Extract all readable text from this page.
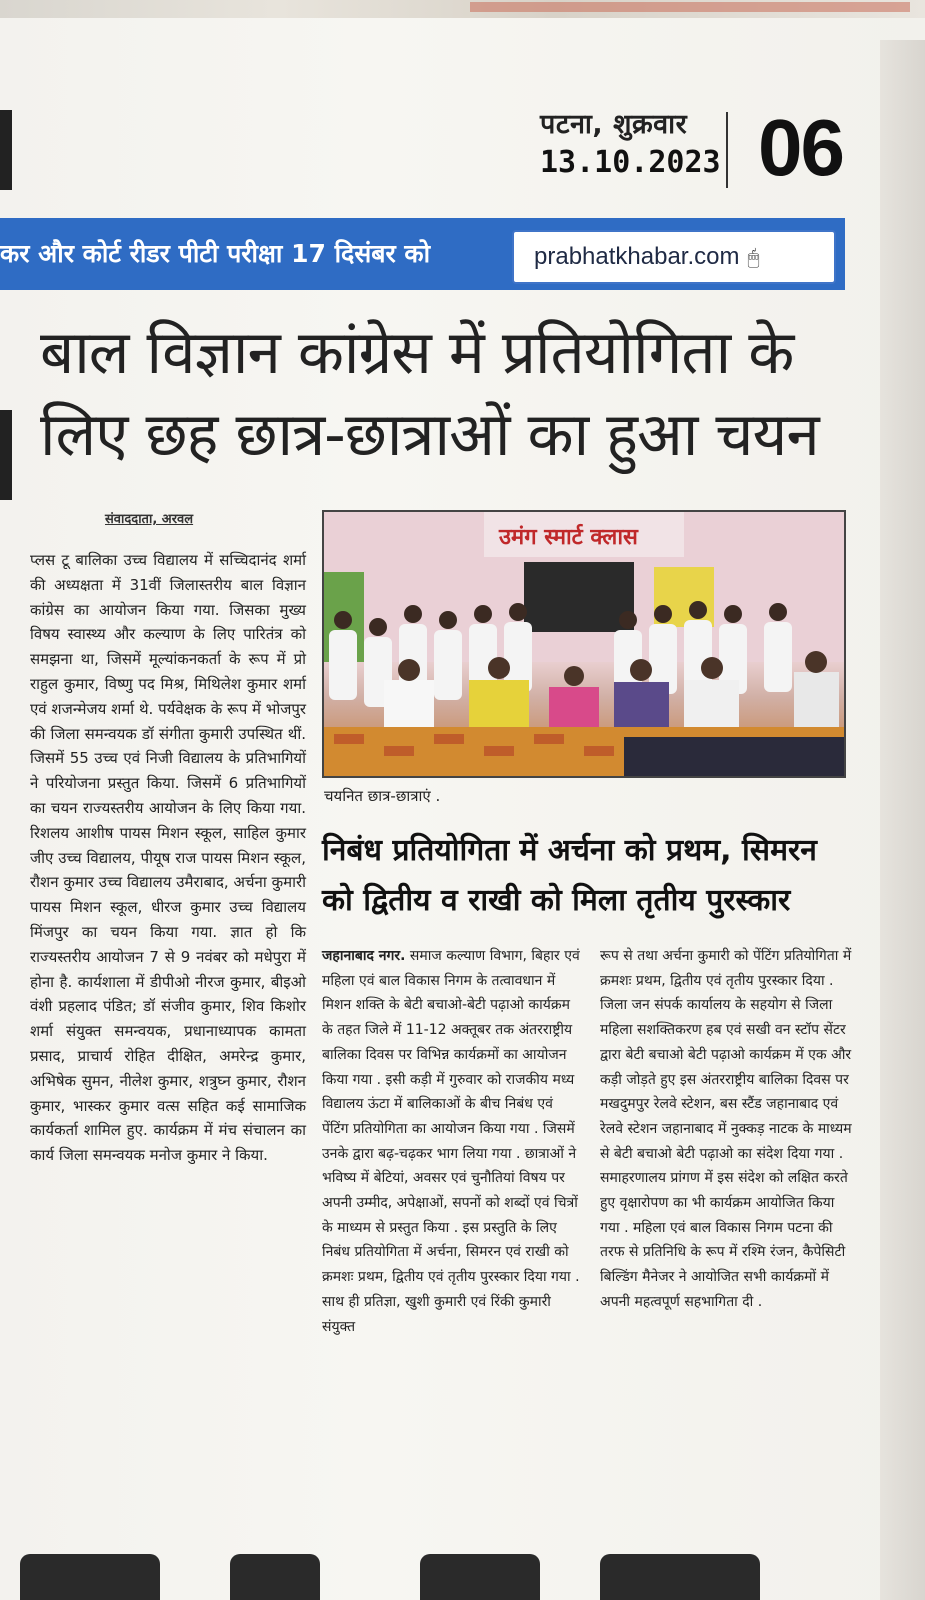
पटना, शुक्रवार
13.10.2023 06
कर और कोर्ट रीडर पीटी परीक्षा 17 दिसंबर को	prabhatkhabar.com 🖱
बाल विज्ञान कांग्रेस में प्रतियोगिता के
लिए छह छात्र-छात्राओं का हुआ चयन
संवाददाता, अरवल

प्लस टू बालिका उच्च विद्यालय में सच्चिदानंद शर्मा की अध्यक्षता में 31वीं जिलास्तरीय बाल विज्ञान कांग्रेस का आयोजन किया गया. जिसका मुख्य विषय स्वास्थ्य और कल्याण के लिए पारितंत्र को समझना था, जिसमें मूल्यांकनकर्ता के रूप में प्रो राहुल कुमार, विष्णु पद मिश्र, मिथिलेश कुमार शर्मा एवं शजन्मेजय शर्मा थे. पर्यवेक्षक के रूप में भोजपुर की जिला समन्वयक डॉ संगीता कुमारी उपस्थित थीं. जिसमें 55 उच्च एवं निजी विद्यालय के प्रतिभागियों ने परियोजना प्रस्तुत किया. जिसमें 6 प्रतिभागियों का चयन राज्यस्तरीय आयोजन के लिए किया गया. रिशलय आशीष पायस मिशन स्कूल, साहिल कुमार जीए उच्च विद्यालय, पीयूष राज पायस मिशन स्कूल, रौशन कुमार उच्च विद्यालय उमैराबाद, अर्चना कुमारी पायस मिशन स्कूल, धीरज कुमार उच्च विद्यालय मिंजपुर का चयन किया गया. ज्ञात हो कि राज्यस्तरीय आयोजन 7 से 9 नवंबर को मधेपुरा में होना है. कार्यशाला में डीपीओ नीरज कुमार, बीइओ वंशी प्रहलाद पंडित; डॉ संजीव कुमार, शिव किशोर शर्मा संयुक्त समन्वयक, प्रधानाध्यापक कामता प्रसाद, प्राचार्य रोहित दीक्षित, अमरेन्द्र कुमार, अभिषेक सुमन, नीलेश कुमार, शत्रुघ्न कुमार, रौशन कुमार, भास्कर कुमार वत्स सहित कई सामाजिक कार्यकर्ता शामिल हुए. कार्यक्रम में मंच संचालन का कार्य जिला समन्वयक मनोज कुमार ने किया.

उमंग स्मार्ट क्लास
चयनित छात्र-छात्राएं .
निबंध प्रतियोगिता में अर्चना को प्रथम, सिमरन
को द्वितीय व राखी को मिला तृतीय पुरस्कार
जहानाबाद नगर. समाज कल्याण विभाग, बिहार एवं महिला एवं बाल विकास निगम के तत्वावधान में मिशन शक्ति के बेटी बचाओ-बेटी पढ़ाओ कार्यक्रम के तहत जिले में 11-12 अक्तूबर तक अंतरराष्ट्रीय बालिका दिवस पर विभिन्न कार्यक्रमों का आयोजन किया गया . इसी कड़ी में गुरुवार को राजकीय मध्य विद्यालय ऊंटा में बालिकाओं के बीच निबंध एवं पेंटिंग प्रतियोगिता का आयोजन किया गया . जिसमें उनके द्वारा बढ़-चढ़कर भाग लिया गया . छात्राओं ने भविष्य में बेटियां, अवसर एवं चुनौतियां विषय पर अपनी उम्मीद, अपेक्षाओं, सपनों को शब्दों एवं चित्रों के माध्यम से प्रस्तुत किया . इस प्रस्तुति के लिए निबंध प्रतियोगिता में अर्चना, सिमरन एवं राखी को क्रमशः प्रथम, द्वितीय एवं तृतीय पुरस्कार दिया गया . साथ ही प्रतिज्ञा, खुशी कुमारी एवं रिंकी कुमारी संयुक्त
रूप से तथा अर्चना कुमारी को पेंटिंग प्रतियोगिता में क्रमशः प्रथम, द्वितीय एवं तृतीय पुरस्कार दिया . जिला जन संपर्क कार्यालय के सहयोग से जिला महिला सशक्तिकरण हब एवं सखी वन स्टॉप सेंटर द्वारा बेटी बचाओ बेटी पढ़ाओ कार्यक्रम में एक और कड़ी जोड़ते हुए इस अंतरराष्ट्रीय बालिका दिवस पर मखदुमपुर रेलवे स्टेशन, बस स्टैंड जहानाबाद एवं रेलवे स्टेशन जहानाबाद में नुक्कड़ नाटक के माध्यम से बेटी बचाओ बेटी पढ़ाओ का संदेश दिया गया . समाहरणालय प्रांगण में इस संदेश को लक्षित करते हुए वृक्षारोपण का भी कार्यक्रम आयोजित किया गया . महिला एवं बाल विकास निगम पटना की तरफ से प्रतिनिधि के रूप में रश्मि रंजन, कैपेसिटी बिल्डिंग मैनेजर ने आयोजित सभी कार्यक्रमों में अपनी महत्वपूर्ण सहभागिता दी .
